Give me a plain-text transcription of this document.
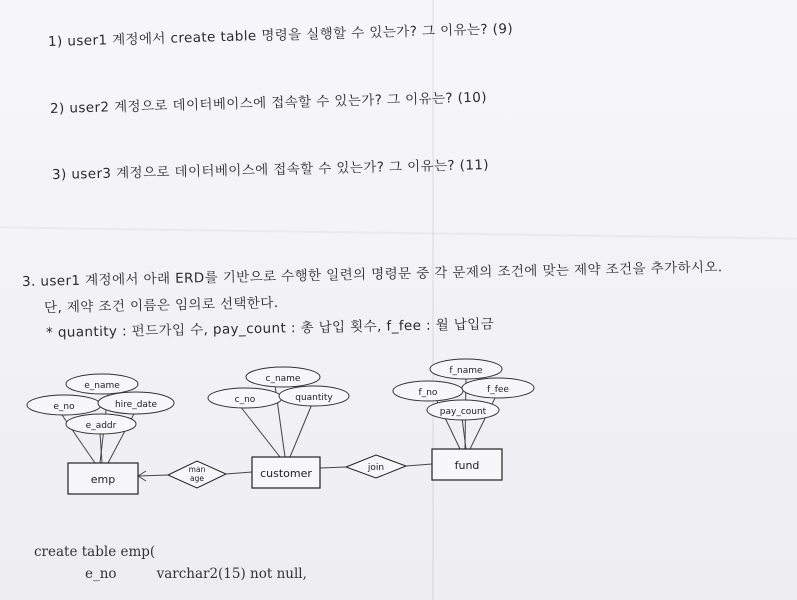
1) user1 계정에서 create table 명령을 실행할 수 있는가? 그 이유는? (9)
2) user2 계정으로 데이터베이스에 접속할 수 있는가? 그 이유는? (10)
3) user3 계정으로 데이터베이스에 접속할 수 있는가? 그 이유는? (11)
3. user1 계정에서 아래 ERD를 기반으로 수행한 일련의 명령문 중 각 문제의 조건에 맞는 제약 조건을 추가하시오.
단, 제약 조건 이름은 임의로 선택한다.
* quantity : 펀드가입 수, pay_count : 총 납입 횟수, f_fee : 월 납입금
e_name
e_no	hire_date
e_addr
c_name
c_no	quantity
f_name
f_no	f_fee
pay_count
emp	customer
fund
man
age
join
create table emp(
e_no	varchar2(15) not null,
